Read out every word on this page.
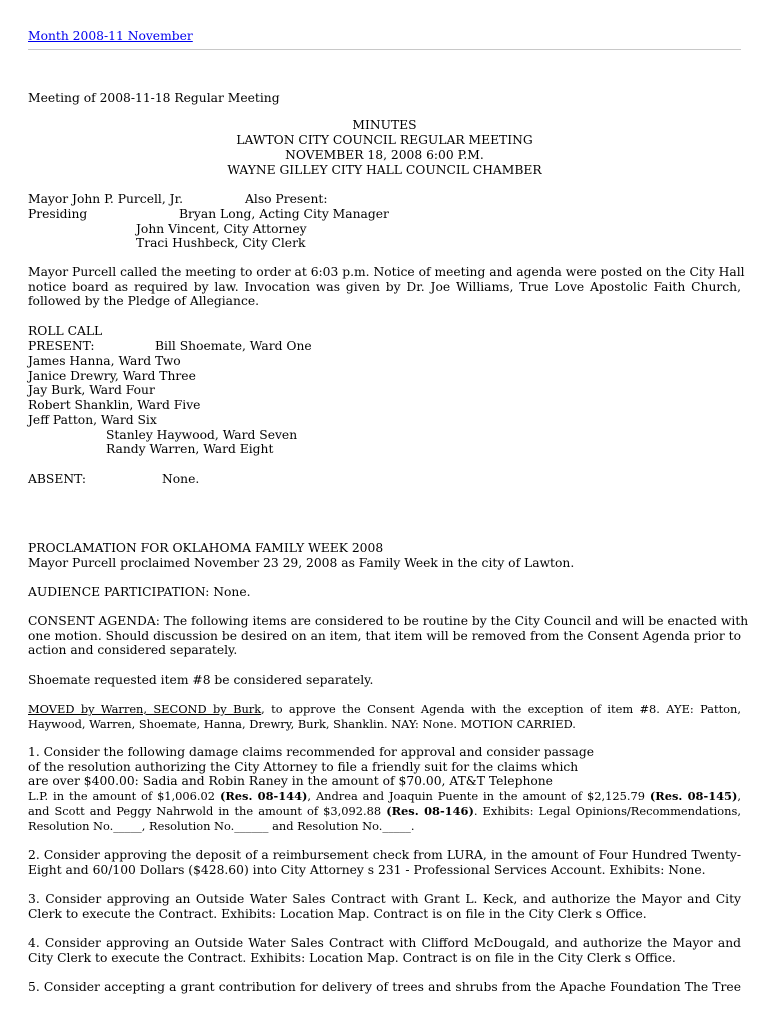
Month 2008-11 November
Meeting of 2008-11-18 Regular Meeting
MINUTES
LAWTON CITY COUNCIL REGULAR MEETING
NOVEMBER 18, 2008 6:00 P.M.
WAYNE GILLEY CITY HALL COUNCIL CHAMBER
Mayor John P. Purcell, Jr.	Also Present:
Presiding	Bryan Long, Acting City Manager
John Vincent, City Attorney
Traci Hushbeck, City Clerk
Mayor Purcell called the meeting to order at 6:03 p.m. Notice of meeting and agenda were posted on the City Hall
notice board as required by law. Invocation was given by Dr. Joe Williams, True Love Apostolic Faith Church,
followed by the Pledge of Allegiance.
ROLL CALL
PRESENT:	Bill Shoemate, Ward One
James Hanna, Ward Two
Janice Drewry, Ward Three
Jay Burk, Ward Four
Robert Shanklin, Ward Five
Jeff Patton, Ward Six
Stanley Haywood, Ward Seven
Randy Warren, Ward Eight
ABSENT:	None.
PROCLAMATION FOR OKLAHOMA FAMILY WEEK 2008
Mayor Purcell proclaimed November 23 29, 2008 as Family Week in the city of Lawton.
AUDIENCE PARTICIPATION: None.
CONSENT AGENDA: The following items are considered to be routine by the City Council and will be enacted with
one motion. Should discussion be desired on an item, that item will be removed from the Consent Agenda prior to
action and considered separately.
Shoemate requested item #8 be considered separately.
MOVED by Warren, SECOND by Burk, to approve the Consent Agenda with the exception of item #8. AYE: Patton,
Haywood, Warren, Shoemate, Hanna, Drewry, Burk, Shanklin. NAY: None. MOTION CARRIED.
1. Consider the following damage claims recommended for approval and consider passage
of the resolution authorizing the City Attorney to file a friendly suit for the claims which
are over $400.00: Sadia and Robin Raney in the amount of $70.00, AT&T Telephone
L.P. in the amount of $1,006.02 (Res. 08-144), Andrea and Joaquin Puente in the amount of $2,125.79 (Res. 08-145),
and Scott and Peggy Nahrwold in the amount of $3,092.88 (Res. 08-146). Exhibits: Legal Opinions/Recommendations,
Resolution No._____, Resolution No.______ and Resolution No._____.
2. Consider approving the deposit of a reimbursement check from LURA, in the amount of Four Hundred Twenty-
Eight and 60/100 Dollars ($428.60) into City Attorney s 231 - Professional Services Account. Exhibits: None.
3. Consider approving an Outside Water Sales Contract with Grant L. Keck, and authorize the Mayor and City
Clerk to execute the Contract. Exhibits: Location Map. Contract is on file in the City Clerk s Office.
4. Consider approving an Outside Water Sales Contract with Clifford McDougald, and authorize the Mayor and
City Clerk to execute the Contract. Exhibits: Location Map. Contract is on file in the City Clerk s Office.
5. Consider accepting a grant contribution for delivery of trees and shrubs from the Apache Foundation The Tree
